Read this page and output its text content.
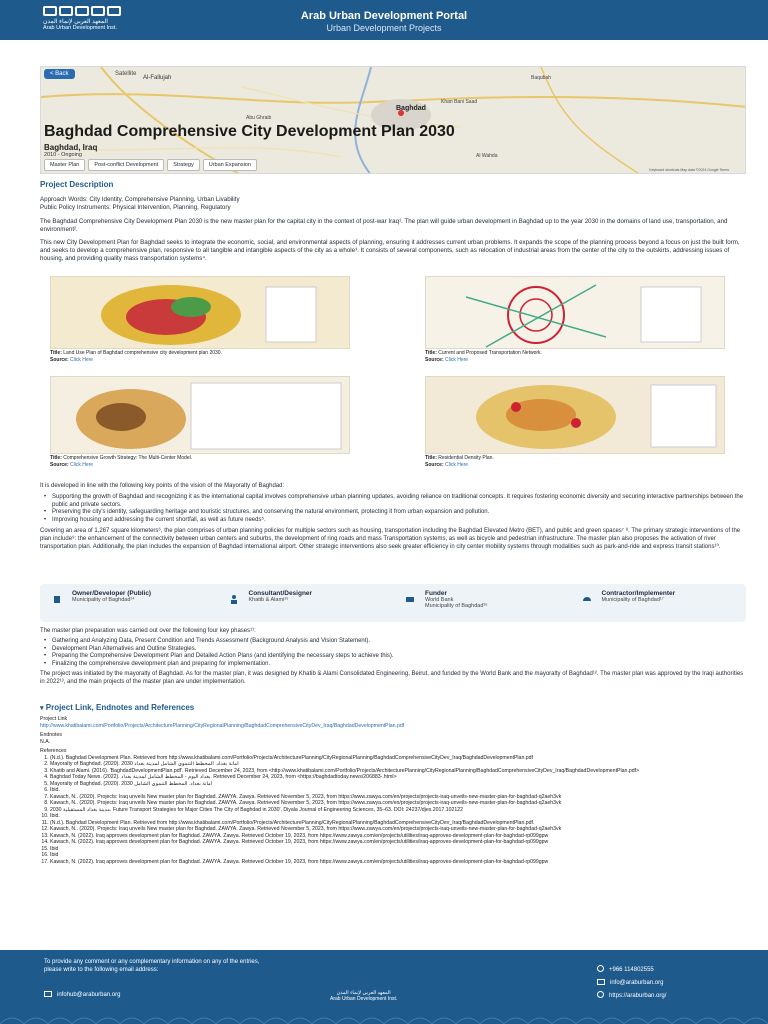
المعهد العربي لإنماء المدن
Arab Urban Development Inst.
Arab Urban Development Portal
Urban Development Projects
< Back	Satellite
Al-Fallujah
Baghdad
Abu Ghraib
Baqubah
Khan Bani Saad
Al Wahda
Baghdad Comprehensive City Development Plan 2030
Baghdad, Iraq
2010 - Ongoing
Master Plan	Post-conflict Development	Strategy	Urban Expansion
Keyboard shortcuts Map data ©2024 Google Terms
Project Description
Approach Words: City Identity, Comprehensive Planning, Urban Livability
Public Policy Instruments: Physical Intervention, Planning, Regulatory
The Baghdad Comprehensive City Development Plan 2030 is the new master plan for the capital city in the context of post-war Iraq¹. The plan will guide urban development in Baghdad up to the year 2030 in the domains of land use, transportation, and environment².
This new City Development Plan for Baghdad seeks to integrate the economic, social, and environmental aspects of planning, ensuring it addresses current urban problems. It expands the scope of the planning process beyond a focus on just the built form, and seeks to develop a comprehensive plan, responsive to all tangible and intangible aspects of the city as a whole³. It consists of several components, such as relocation of industrial areas from the center of the city to the outskirts, addressing issues of housing, and providing quality mass transportation systems⁴.
Title: Land Use Plan of Baghdad comprehensive city development plan 2030.
Source: Click Here
Title: Current and Proposed Transportation Network.
Source: Click Here
Title: Comprehensive Growth Strategy: The Multi-Center Model.
Source: Click Here
Title: Residential Density Plan.
Source: Click Here
It is developed in line with the following key points of the vision of the Mayoralty of Baghdad:
• Supporting the growth of Baghdad and recognizing it as the international capital involves comprehensive urban planning updates, avoiding reliance on traditional concepts. It requires fostering economic diversity and securing interactive partnerships between the public and private sectors.
• Preserving the city's identity, safeguarding heritage and touristic structures, and conserving the natural environment, protecting it from urban expansion and pollution.
• Improving housing and addressing the current shortfall, as well as future needs⁵.
Covering an area of 1,267 square kilometers⁶, the plan comprises of urban planning policies for multiple sectors such as housing, transportation including the Baghdad Elevated Metro (BET), and public and green spaces⁷ ⁸. The primary strategic interventions of the plan include⁹: the enhancement of the connectivity between urban centers and suburbs, the development of ring roads and mass Transportation systems, as well as bicycle and pedestrian infrastructure. The master plan also proposes the activation of river transportation plan. Additionally, the plan includes the expansion of Baghdad international airport. Other strategic interventions also seek greater efficiency in city center mobility systems through modalities such as park-and-ride and express transit stations¹⁰.
Owner/Developer (Public)
Municipality of Baghdad¹⁴
Consultant/Designer
Khatib & Alami¹⁵
Funder
World Bank
Municipality of Baghdad¹⁶
Contractor/Implementer
Municipality of Baghdad¹⁷
The master plan preparation was carried out over the following four key phases¹¹:
• Gathering and Analyzing Data, Present Condition and Trends Assessment (Background Analysis and Vision Statement).
• Development Plan Alternatives and Outline Strategies.
• Preparing the Comprehensive Development Plan and Detailed Action Plans (and identifying the necessary steps to achieve this).
• Finalizing the comprehensive development plan and preparing for implementation.
The project was initiated by the mayoralty of Baghdad. As for the master plan, it was designed by Khatib & Alami Consolidated Engineering, Beirut, and funded by the World Bank and the mayoralty of Baghdad¹². The master plan was approved by the Iraqi authorities in 2022¹³, and the main projects of the master plan are under implementation.
▾ Project Link, Endnotes and References
Project Link
http://www.khatibalami.com/Portfolio/Projects/ArchitecturePlanning/CityRegionalPlanning/BaghdadComprehensiveCityDev_Iraq/BaghdadDevelopmentPlan.pdf
Endnotes
N.A.
References
1. (N.d.). Baghdad Development Plan. Retrieved from http://www.khatibalami.com/Portfolio/Projects/ArchitecturePlanning/CityRegionalPlanning/BaghdadComprehensiveCityDev_Iraq/BaghdadDevelopmentPlan.pdf
2. Mayoralty of Baghdad. (2020). 2030 امانة بغداد. المخطط التنموي الشامل لمدينة بغداد
3. Khatib and Alami. (2016). 'BaghdadDevelopmentPlan.pdf'. Retrieved December 24, 2023, from <http://www.khatibalami.com/Portfolio/Projects/ArchitecturePlanning/CityRegionalPlanning/BaghdadComprehensiveCityDev_Iraq/BaghdadDevelopmentPlan.pdf>
4. Baghdad Today News. (2022). بغداد اليوم - المخطط الشامل لمدينة بغداد. Retrieved December 24, 2023, from <https://baghdadtoday.news/206883-.html>
5. Mayoralty of Baghdad. (2020). 2030 امانة بغداد. المخطط التنموي الشامل
6. Ibid.
7. Kawach, N.. (2020). Projects: Iraq unveils New master plan for Baghdad. ZAWYA. Zawya. Retrieved November 5, 2023, from https://www.zawya.com/en/projects/projects-iraq-unveils-new-master-plan-for-baghdad-q2aeh3vk
8. Kawach, N.. (2020). Projects: Iraq unveils New master plan for Baghdad. ZAWYA. Zawya. Retrieved November 5, 2023, from https://www.zawya.com/en/projects/projects-iraq-unveils-new-master-plan-for-baghdad-q2aeh3vk
9. 2030 مدينة بغداد المستقبلية. Future Transport Strategies for Major Cities The City of Baghdad in 2030', Diyala Journal of Engineering Sciences, 35–63. DOI: 24237/djes.2017.102122
10. Ibid.
11. (N.d.). Baghdad Development Plan. Retrieved from http://www.khatibalami.com/Portfolio/Projects/ArchitecturePlanning/CityRegionalPlanning/BaghdadComprehensiveCityDev_Iraq/BaghdadDevelopmentPlan.pdf.
12. Kawach, N.. (2020). Projects: Iraq unveils New master plan for Baghdad. ZAWYA. Zawya. Retrieved November 5, 2023, from https://www.zawya.com/en/projects/projects-iraq-unveils-new-master-plan-for-baghdad-q2aeh3vk
13. Kawach, N. (2022). Iraq approves development plan for Baghdad. ZAWYA. Zawya. Retrieved October 19, 2023, from https://www.zawya.com/en/projects/utilities/iraq-approves-development-plan-for-baghdad-rp099gpw
14. Kawach, N. (2022). Iraq approves development plan for Baghdad. ZAWYA. Zawya. Retrieved October 19, 2023, from https://www.zawya.com/en/projects/utilities/iraq-approves-development-plan-for-baghdad-rp099gpw
15. Ibid
16. Ibid
17. Kawach, N. (2022). Iraq approves development plan for Baghdad. ZAWYA. Zawya. Retrieved October 19, 2023, from https://www.zawya.com/en/projects/utilities/iraq-approves-development-plan-for-baghdad-rp099gpw
To provide any comment or any complementary information on any of the entries, please write to the following email address:
infohub@araburban.org	المعهد العربي لإنماء المدن
Arab Urban Development Inst.
+966 114802555
info@araburban.org
https://araburban.org/
